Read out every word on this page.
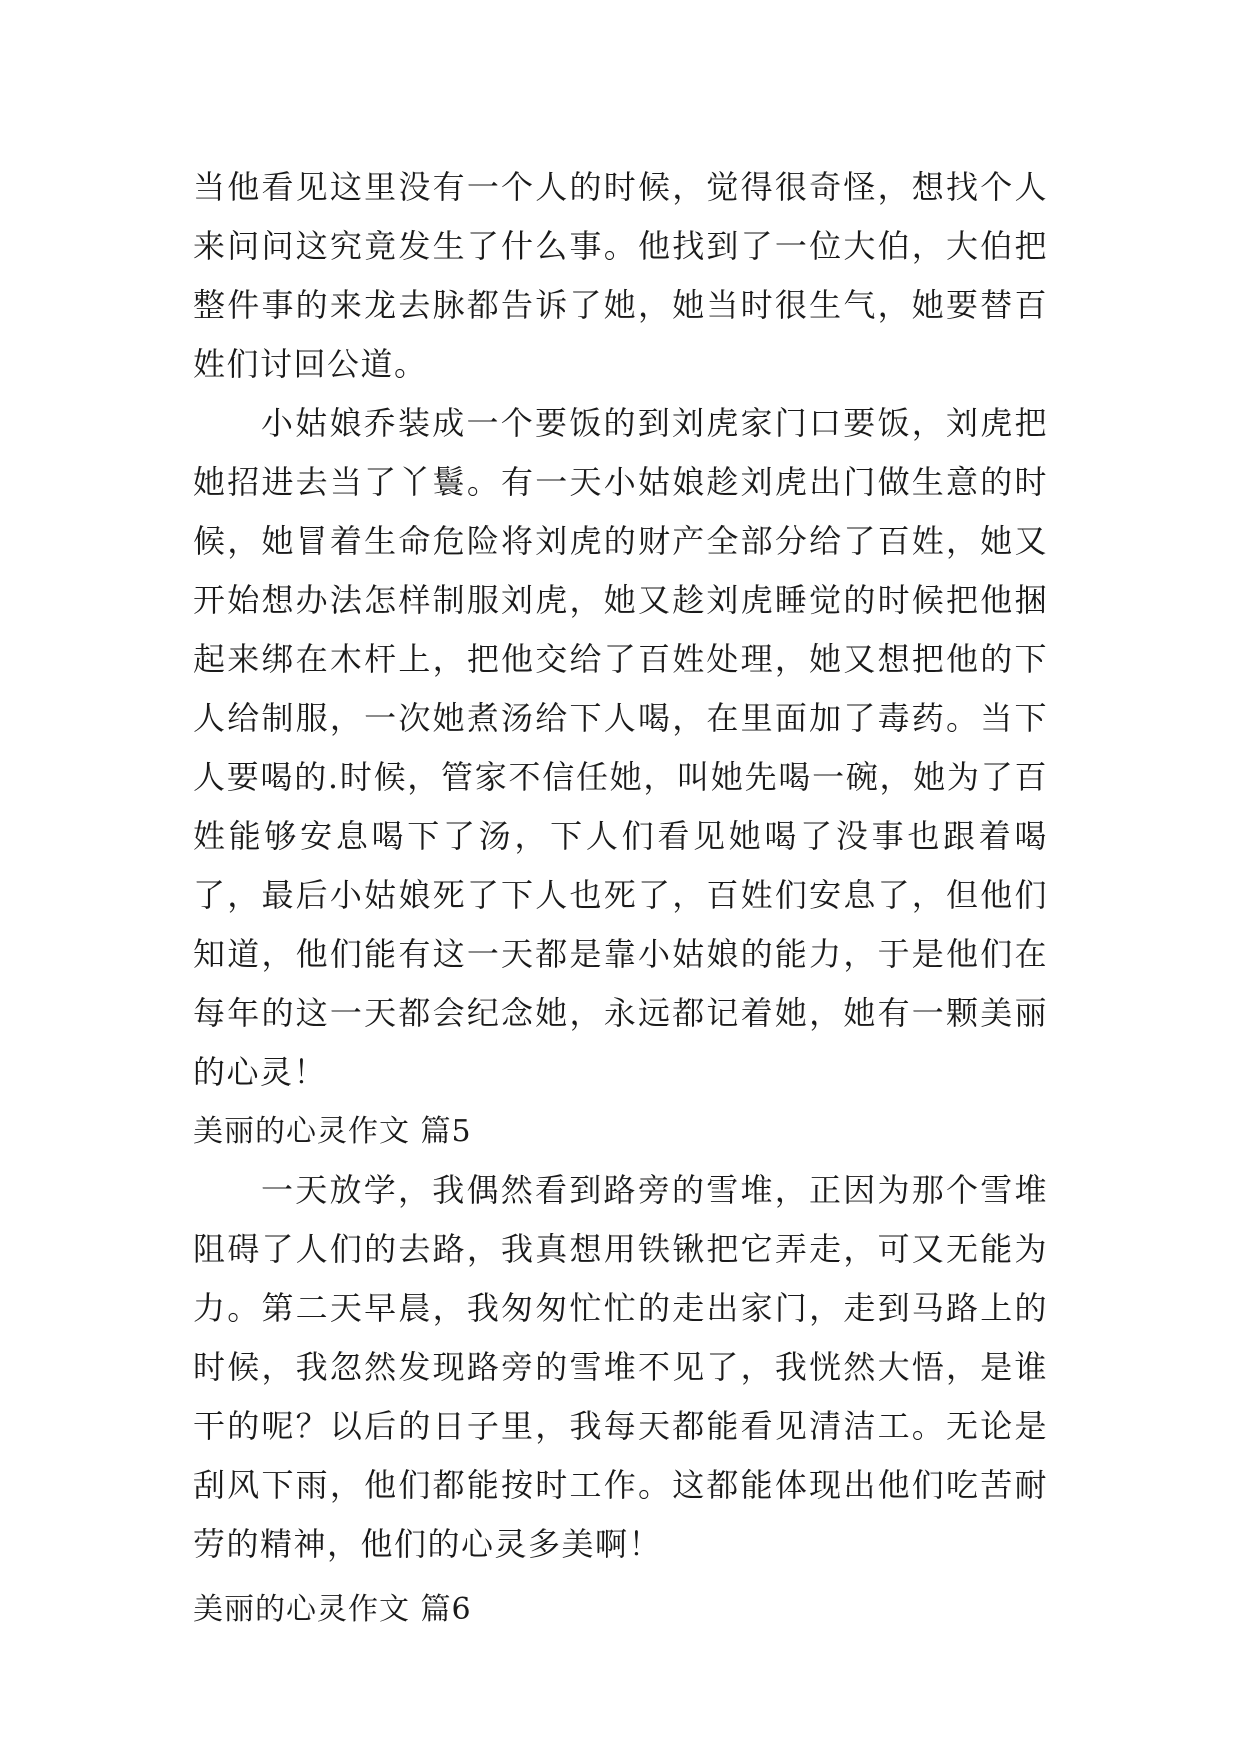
当他看见这里没有一个人的时候，觉得很奇怪，想找个人来问问这究竟发生了什么事。他找到了一位大伯，大伯把整件事的来龙去脉都告诉了她，她当时很生气，她要替百姓们讨回公道。

小姑娘乔装成一个要饭的到刘虎家门口要饭，刘虎把她招进去当了丫鬟。有一天小姑娘趁刘虎出门做生意的时候，她冒着生命危险将刘虎的财产全部分给了百姓，她又开始想办法怎样制服刘虎，她又趁刘虎睡觉的时候把他捆起来绑在木杆上，把他交给了百姓处理，她又想把他的下人给制服，一次她煮汤给下人喝，在里面加了毒药。当下人要喝的.时候，管家不信任她，叫她先喝一碗，她为了百姓能够安息喝下了汤，下人们看见她喝了没事也跟着喝了，最后小姑娘死了下人也死了，百姓们安息了，但他们知道，他们能有这一天都是靠小姑娘的能力，于是他们在每年的这一天都会纪念她，永远都记着她，她有一颗美丽的心灵！

美丽的心灵作文 篇5

一天放学，我偶然看到路旁的雪堆，正因为那个雪堆阻碍了人们的去路，我真想用铁锹把它弄走，可又无能为力。第二天早晨，我匆匆忙忙的走出家门，走到马路上的时候，我忽然发现路旁的雪堆不见了，我恍然大悟，是谁干的呢？以后的日子里，我每天都能看见清洁工。无论是刮风下雨，他们都能按时工作。这都能体现出他们吃苦耐劳的精神，他们的心灵多美啊！

美丽的心灵作文 篇6
